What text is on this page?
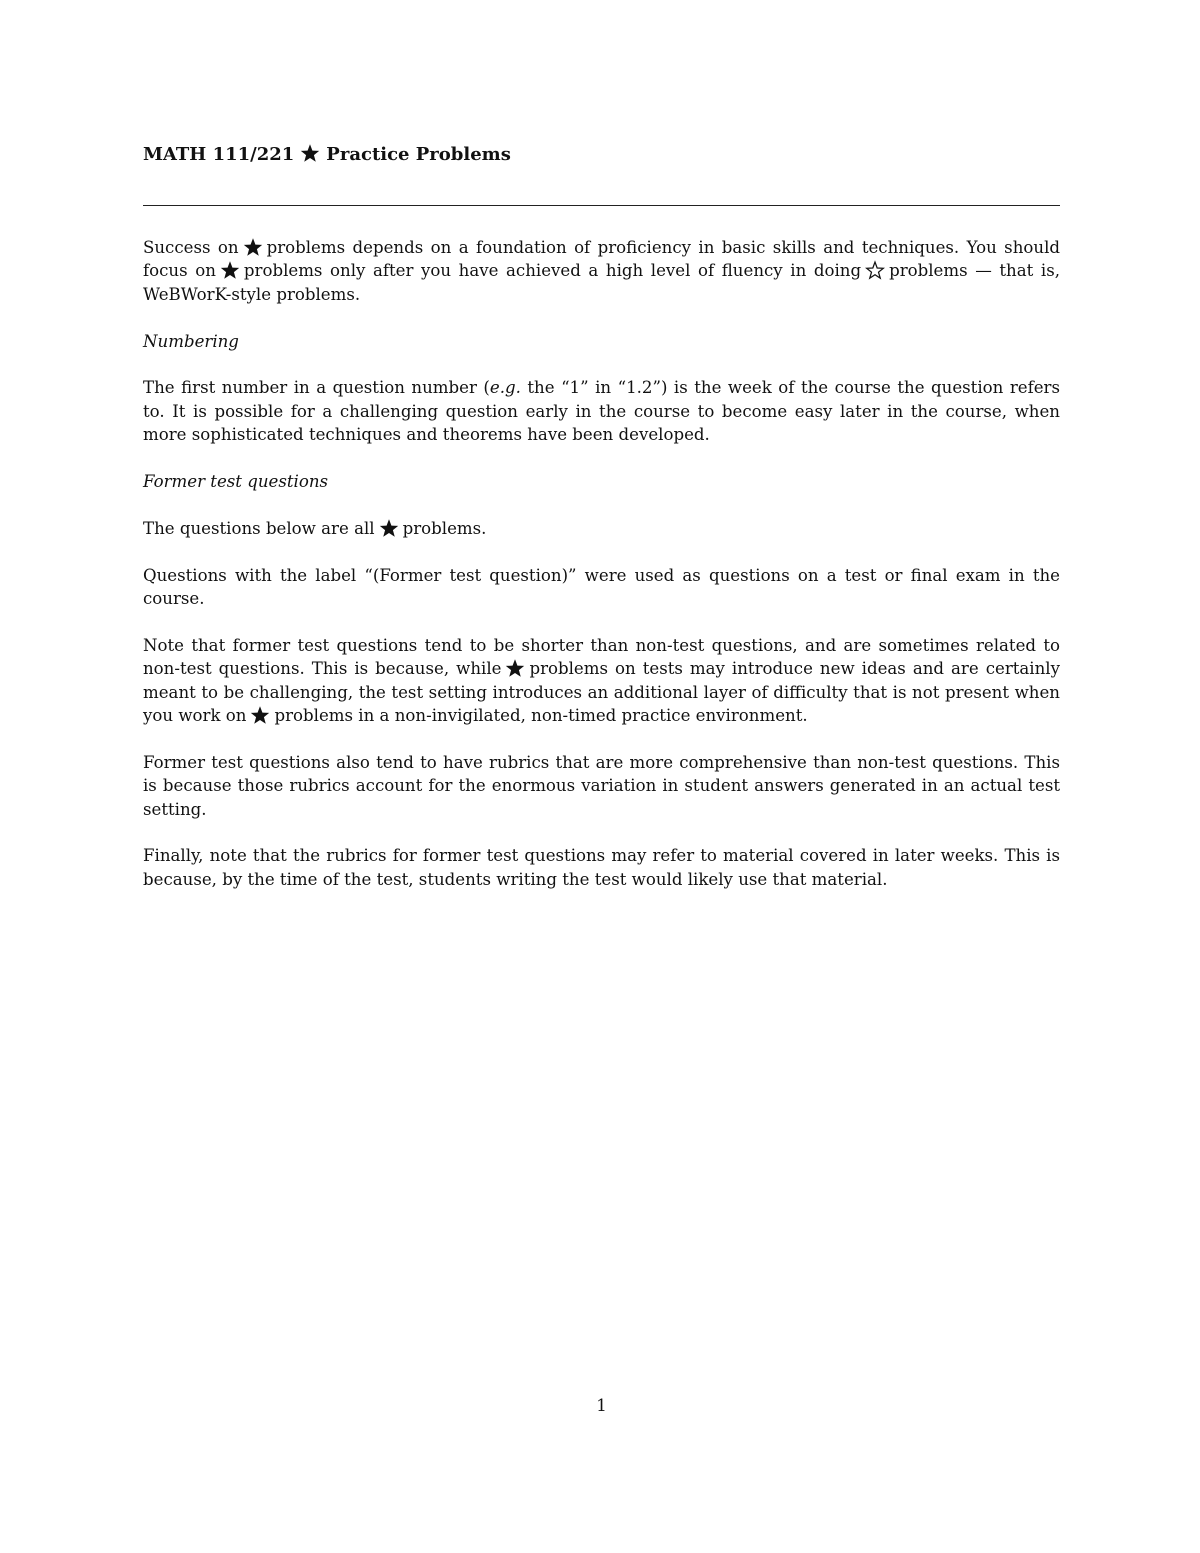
MATH 111/221 Practice Problems

Success on problems depends on a foundation of proficiency in basic skills and techniques. You should focus on problems only after you have achieved a high level of fluency in doing problems — that is, WeBWorK-style problems.

Numbering

The first number in a question number (e.g. the “1” in “1.2”) is the week of the course the question refers to. It is possible for a challenging question early in the course to become easy later in the course, when more sophisticated techniques and theorems have been developed.

Former test questions

The questions below are all problems.

Questions with the label “(Former test question)” were used as questions on a test or final exam in the course.

Note that former test questions tend to be shorter than non-test questions, and are sometimes related to non-test questions. This is because, while problems on tests may introduce new ideas and are certainly meant to be challenging, the test setting introduces an additional layer of difficulty that is not present when you work on problems in a non-invigilated, non-timed practice environment.

Former test questions also tend to have rubrics that are more comprehensive than non-test questions. This is because those rubrics account for the enormous variation in student answers generated in an actual test setting.

Finally, note that the rubrics for former test questions may refer to material covered in later weeks. This is because, by the time of the test, students writing the test would likely use that material.

1
